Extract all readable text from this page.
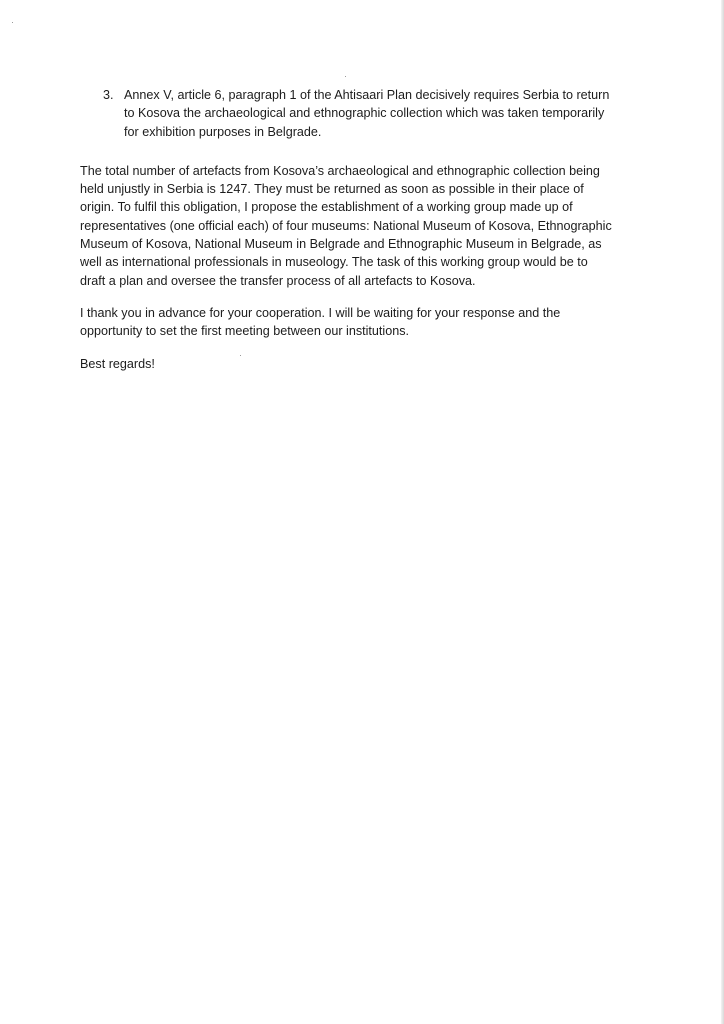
3. Annex V, article 6, paragraph 1 of the Ahtisaari Plan decisively requires Serbia to return
to Kosova the archaeological and ethnographic collection which was taken temporarily
for exhibition purposes in Belgrade.
The total number of artefacts from Kosova’s archaeological and ethnographic collection being
held unjustly in Serbia is 1247. They must be returned as soon as possible in their place of
origin. To fulfil this obligation, I propose the establishment of a working group made up of
representatives (one official each) of four museums: National Museum of Kosova, Ethnographic
Museum of Kosova, National Museum in Belgrade and Ethnographic Museum in Belgrade, as
well as international professionals in museology. The task of this working group would be to
draft a plan and oversee the transfer process of all artefacts to Kosova.
I thank you in advance for your cooperation. I will be waiting for your response and the
opportunity to set the first meeting between our institutions.

Best regards!
